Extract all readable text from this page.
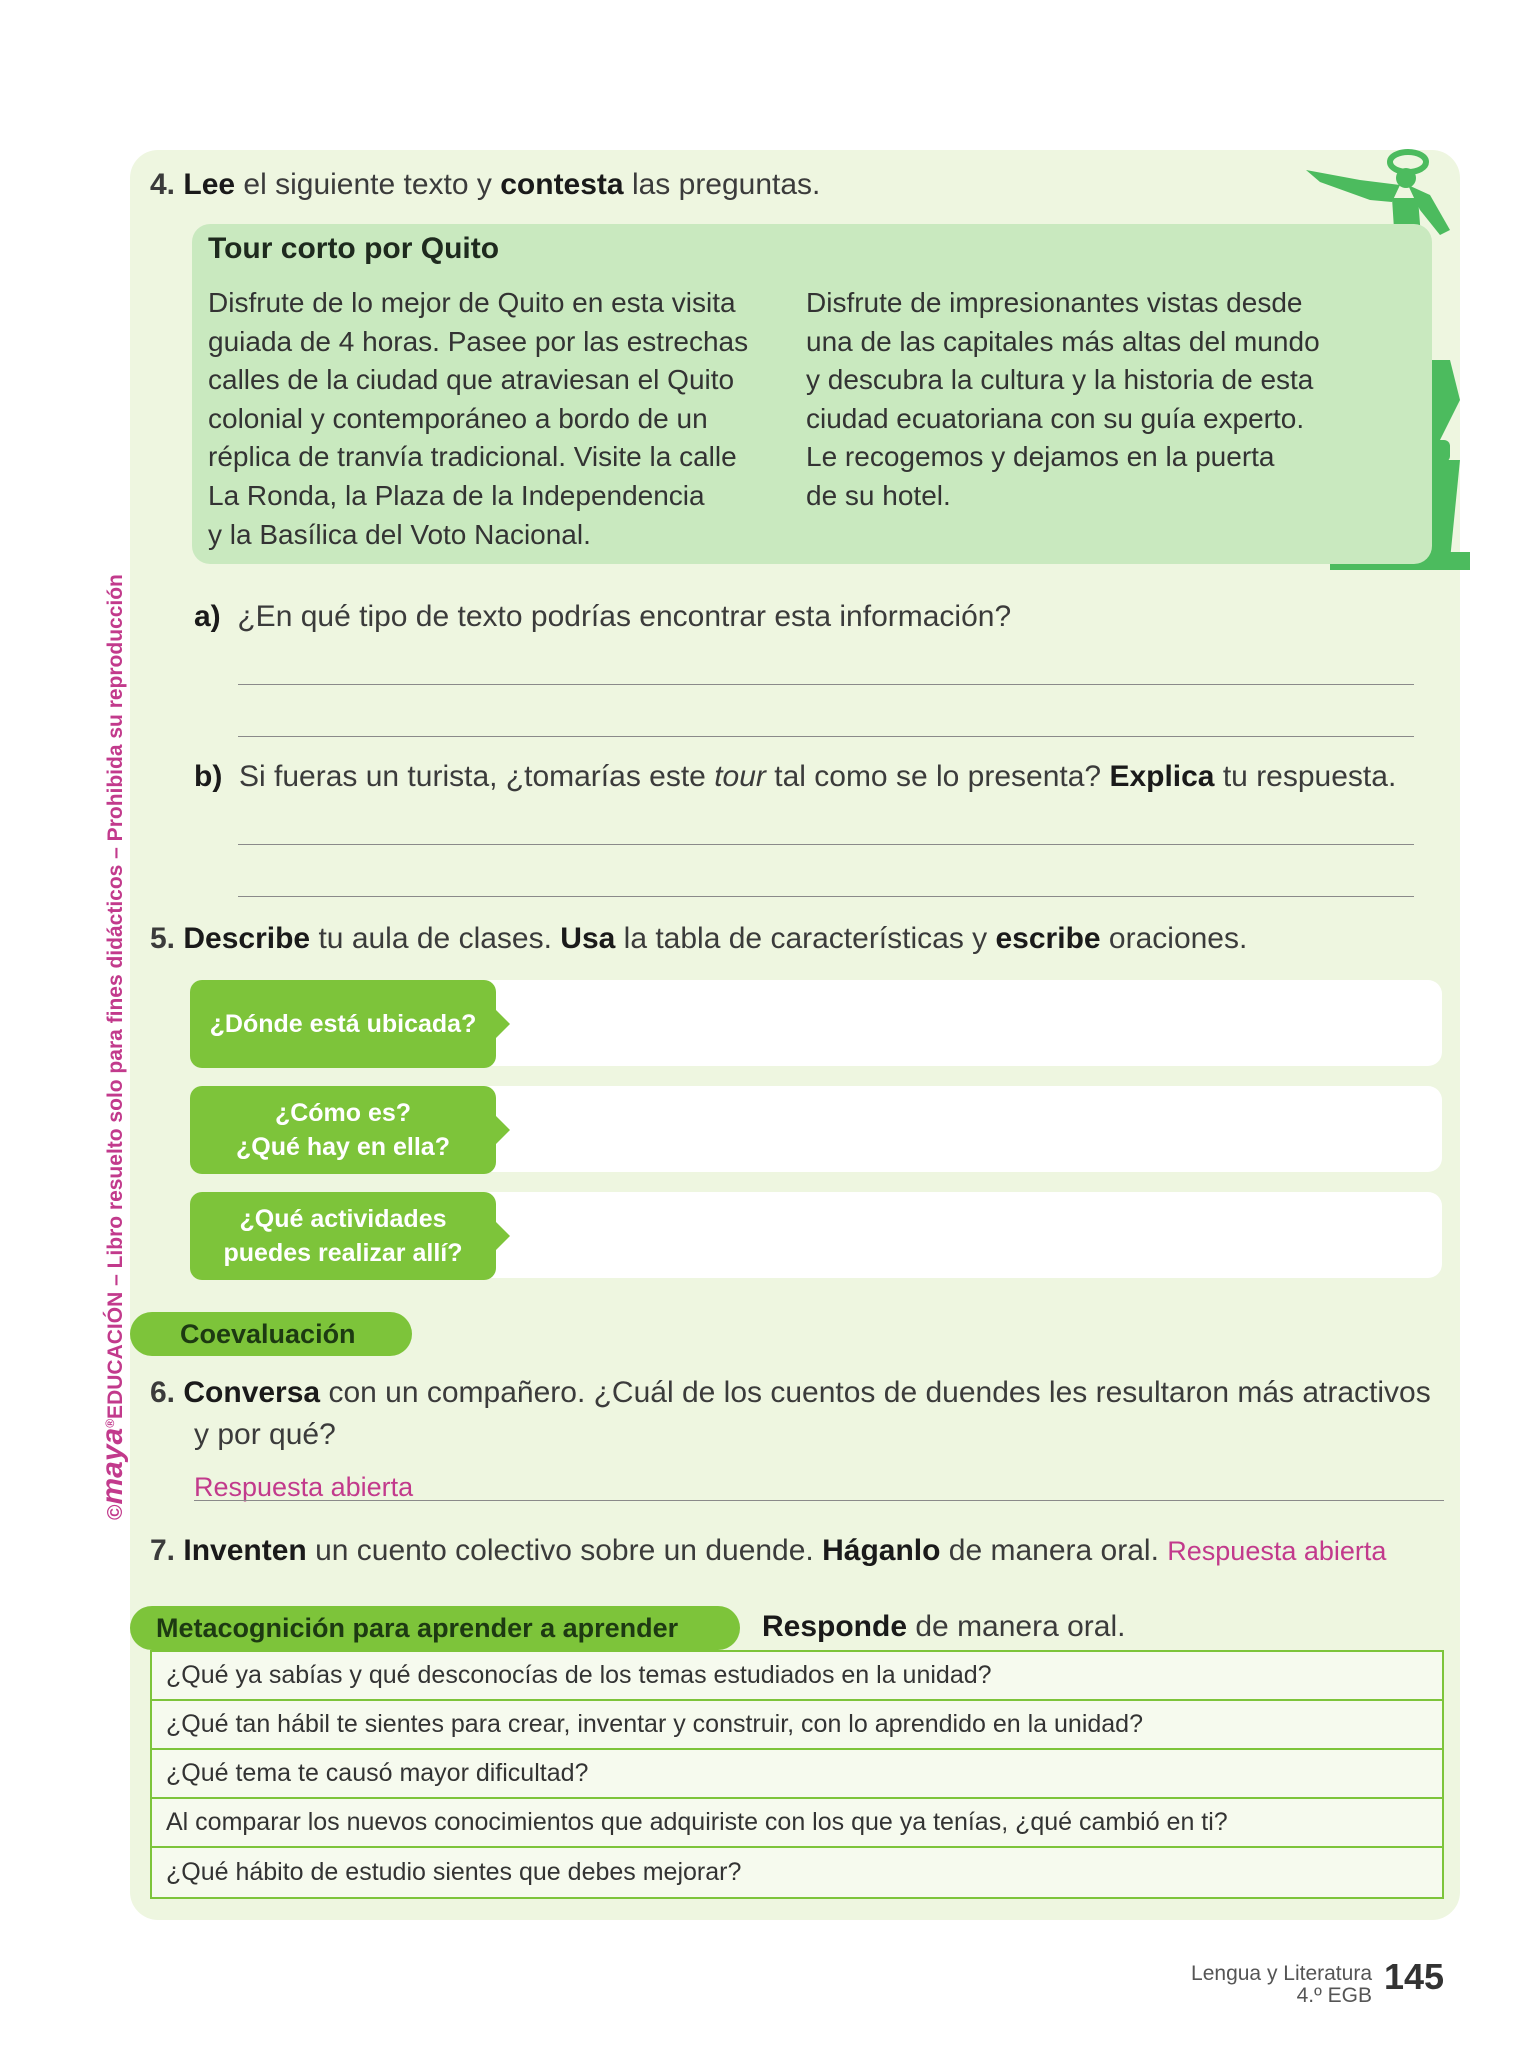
©maya®EDUCACIÓN – Libro resuelto solo para fines didácticos – Prohibida su reproducción
4. Lee el siguiente texto y contesta las preguntas.
Tour corto por Quito
Disfrute de lo mejor de Quito en esta visita
guiada de 4 horas. Pasee por las estrechas
calles de la ciudad que atraviesan el Quito
colonial y contemporáneo a bordo de un
réplica de tranvía tradicional. Visite la calle
La Ronda, la Plaza de la Independencia
y la Basílica del Voto Nacional.
Disfrute de impresionantes vistas desde
una de las capitales más altas del mundo
y descubra la cultura y la historia de esta
ciudad ecuatoriana con su guía experto.
Le recogemos y dejamos en la puerta
de su hotel.
a) ¿En qué tipo de texto podrías encontrar esta información?
b) Si fueras un turista, ¿tomarías este tour tal como se lo presenta? Explica tu respuesta.
5. Describe tu aula de clases. Usa la tabla de características y escribe oraciones.
¿Dónde está ubicada?
¿Cómo es?
¿Qué hay en ella?
¿Qué actividades
puedes realizar allí?
Coevaluación
6. Conversa con un compañero. ¿Cuál de los cuentos de duendes les resultaron más atractivos
y por qué?
Respuesta abierta
7. Inventen un cuento colectivo sobre un duende. Háganlo de manera oral. Respuesta abierta
Metacognición para aprender a aprender	Responde de manera oral.
¿Qué ya sabías y qué desconocías de los temas estudiados en la unidad?
¿Qué tan hábil te sientes para crear, inventar y construir, con lo aprendido en la unidad?
¿Qué tema te causó mayor dificultad?
Al comparar los nuevos conocimientos que adquiriste con los que ya tenías, ¿qué cambió en ti?
¿Qué hábito de estudio sientes que debes mejorar?
Lengua y Literatura
4.º EGB 145
